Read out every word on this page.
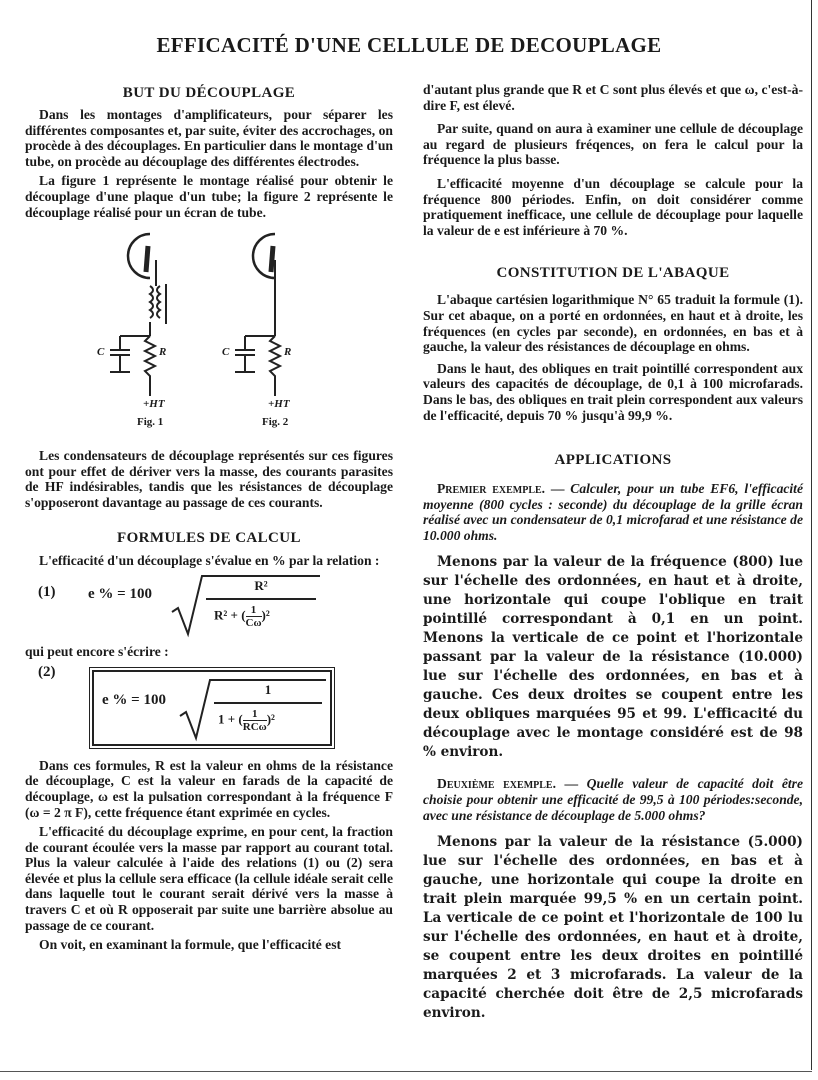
EFFICACITÉ D'UNE CELLULE DE DECOUPLAGE
BUT DU DÉCOUPLAGE

Dans les montages d'amplificateurs, pour séparer les différentes composantes et, par suite, éviter des accrochages, on procède à des découplages. En particulier dans le montage d'un tube, on procède au découplage des différentes électrodes.

La figure 1 représente le montage réalisé pour obtenir le découplage d'une plaque d'un tube; la figure 2 représente le découplage réalisé pour un écran de tube.

C	R
+HT
Fig. 1
C	R
+HT
Fig. 2

Les condensateurs de découplage représentés sur ces figures ont pour effet de dériver vers la masse, des courants parasites de HF indésirables, tandis que les résistances de découplage s'opposeront davantage au passage de ces courants.

FORMULES DE CALCUL

L'efficacité d'un découplage s'évalue en % par la relation :

(1) e % = 100
R²
R² + ( $\frac{1}{C\omega} )^2$

qui peut encore s'écrire :

(2)
e % = 100
1
1 + ( 1
RCω
)²

Dans ces formules, R est la valeur en ohms de la résistance de découplage, C est la valeur en farads de la capacité de découplage, ω est la pulsation correspondant à la fréquence F (ω = 2 π F), cette fréquence étant exprimée en cycles.

L'efficacité du découplage exprime, en pour cent, la fraction de courant écoulée vers la masse par rapport au courant total. Plus la valeur calculée à l'aide des relations (1) ou (2) sera élevée et plus la cellule sera efficace (la cellule idéale serait celle dans laquelle tout le courant serait dérivé vers la masse à travers C et où R opposerait par suite une barrière absolue au passage de ce courant.

On voit, en examinant la formule, que l'efficacité est

d'autant plus grande que R et C sont plus élevés et que ω, c'est-à-dire F, est élevé.

Par suite, quand on aura à examiner une cellule de découplage au regard de plusieurs fréqences, on fera le calcul pour la fréquence la plus basse.

L'efficacité moyenne d'un découplage se calcule pour la fréquence 800 périodes. Enfin, on doit considérer comme pratiquement inefficace, une cellule de découplage pour laquelle la valeur de e est inférieure à 70 %.

CONSTITUTION DE L'ABAQUE

L'abaque cartésien logarithmique N° 65 traduit la formule (1). Sur cet abaque, on a porté en ordonnées, en haut et à droite, les fréquences (en cycles par seconde), en ordonnées, en bas et à gauche, la valeur des résistances de découplage en ohms.

Dans le haut, des obliques en trait pointillé correspondent aux valeurs des capacités de découplage, de 0,1 à 100 microfarads. Dans le bas, des obliques en trait plein correspondent aux valeurs de l'efficacité, depuis 70 % jusqu'à 99,9 %.

APPLICATIONS

Premier exemple. — Calculer, pour un tube EF6, l'efficacité moyenne (800 cycles : seconde) du découplage de la grille écran réalisé avec un condensateur de 0,1 microfarad et une résistance de 10.000 ohms.

Menons par la valeur de la fréquence (800) lue sur l'échelle des ordonnées, en haut et à droite, une horizontale qui coupe l'oblique en trait pointillé correspondant à 0,1 en un point. Menons la verticale de ce point et l'horizontale passant par la valeur de la résistance (10.000) lue sur l'échelle des ordonnées, en bas et à gauche. Ces deux droites se coupent entre les deux obliques marquées 95 et 99. L'efficacité du découplage avec le montage considéré est de 98 % environ.

Deuxième exemple. — Quelle valeur de capacité doit être choisie pour obtenir une efficacité de 99,5 à 100 périodes:seconde, avec une résistance de découplage de 5.000 ohms?

Menons par la valeur de la résistance (5.000) lue sur l'échelle des ordonnées, en bas et à gauche, une horizontale qui coupe la droite en trait plein marquée 99,5 % en un certain point. La verticale de ce point et l'horizontale de 100 lu sur l'échelle des ordonnées, en haut et à droite, se coupent entre les deux droites en pointillé marquées 2 et 3 microfarads. La valeur de la capacité cherchée doit être de 2,5 microfarads environ.
